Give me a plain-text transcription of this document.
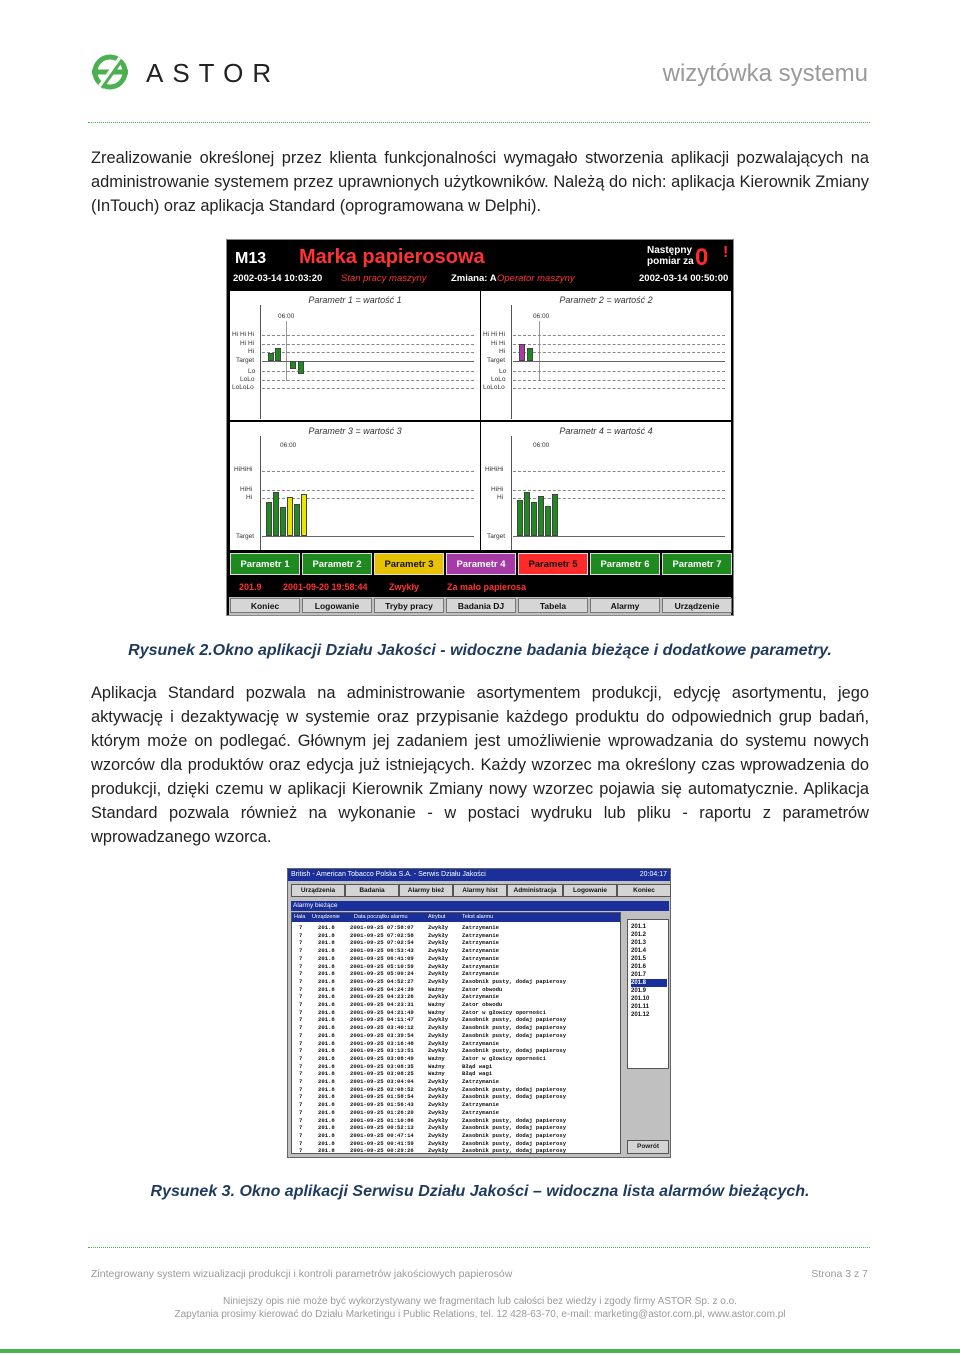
ASTOR	wizytówka systemu
Zrealizowanie określonej przez klienta funkcjonalności wymagało stworzenia aplikacji pozwalających na administrowanie systemem przez uprawnionych użytkowników. Należą do nich: aplikacja Kierownik Zmiany (InTouch) oraz aplikacja Standard (oprogramowana w Delphi).
M13 Marka papierosowa	Następny
pomiar za 0 !
2002-03-14 10:03:20 Stan pracy maszyny	Zmiana: A Operator maszyny	2002-03-14 00:50:00
Parametr 1 = wartość 1
06:00
Hi Hi Hi
Hi Hi
Hi
Target
Lo
LoLo
LoLoLo
Parametr 2 = wartość 2
06:00
Hi Hi Hi
Hi Hi
Hi
Target
Lo
LoLo
LoLoLo
Parametr 3 = wartość 3
06:00
HiHiHi
HiHi
Hi
Target
Parametr 4 = wartość 4
06:00
HiHiHi
HiHi
Hi
Target
Parametr 1	Parametr 2	Parametr 3	Parametr 4	Parametr 5	Parametr 6	Parametr 7
201.9 2001-09-20 19:58:44 Zwykły	Za mało papierosa
Koniec	Logowanie	Tryby pracy	Badania DJ	Tabela	Alarmy	Urządzenie
Rysunek 2.Okno aplikacji Działu Jakości - widoczne badania bieżące i dodatkowe parametry.
Aplikacja Standard pozwala na administrowanie asortymentem produkcji, edycję asortymentu, jego aktywację i dezaktywację w systemie oraz przypisanie każdego produktu do odpowiednich grup badań, którym może on podlegać. Głównym jej zadaniem jest umożliwienie wprowadzania do systemu nowych wzorców dla produktów oraz edycja już istniejących. Każdy wzorzec ma określony czas wprowadzenia do produkcji, dzięki czemu w aplikacji Kierownik Zmiany nowy wzorzec pojawia się automatycznie. Aplikacja Standard pozwala również na wykonanie - w postaci wydruku lub pliku - raportu z parametrów wprowadzanego wzorca.
British - American Tobacco Polska S.A. - Serwis Działu Jakości	20:04:17
Urządzenia	Badania	Alarmy bież	Alarmy hist	Administracja	Logowanie	Koniec
Alarmy bieżące
Hala Urządzenie	Data początku alarmu	Atrybut	Tekst alarmu
7	201.8	2001-09-25 07:58:07	Zwykły Zatrzymanie
7	201.8	2001-09-25 07:02:58	Zwykły Zatrzymanie
7	201.8	2001-09-25 07:02:54	Zwykły Zatrzymanie
7	201.8	2001-09-25 06:53:43	Zwykły Zatrzymanie
7	201.8	2001-09-25 06:41:09	Zwykły Zatrzymanie
7	201.8	2001-09-25 05:10:59	Zwykły Zatrzymanie
7	201.8	2001-09-25 05:00:24	Zwykły Zatrzymanie
7	201.8	2001-09-25 04:52:27	Zwykły Zasobnik pusty, dodaj papierosy
7	201.8	2001-09-25 04:24:39	Ważny	Zator obwodu
7	201.8	2001-09-25 04:23:26	Zwykły Zatrzymanie
7	201.8	2001-09-25 04:23:31	Ważny	Zator obwodu
7	201.8	2001-09-25 04:21:49	Ważny	Zator w głowicy oporności
7	201.8	2001-09-25 04:11:47	Zwykły Zasobnik pusty, dodaj papierosy
7	201.8	2001-09-25 03:40:12	Zwykły Zasobnik pusty, dodaj papierosy
7	201.8	2001-09-25 03:39:54	Zwykły Zasobnik pusty, dodaj papierosy
7	201.8	2001-09-25 03:16:48	Zwykły Zatrzymanie
7	201.8	2001-09-25 03:13:51	Zwykły Zasobnik pusty, dodaj papierosy
7	201.8	2001-09-25 03:08:49	Ważny	Zator w głowicy oporności
7	201.8	2001-09-25 03:08:35	Ważny	Błąd wagi
7	201.8	2001-09-25 03:08:25	Ważny	Błąd wagi
7	201.8	2001-09-25 03:04:04	Zwykły Zatrzymanie
7	201.8	2001-09-25 02:08:52	Zwykły Zasobnik pusty, dodaj papierosy
7	201.8	2001-09-25 01:58:54	Zwykły Zasobnik pusty, dodaj papierosy
7	201.8	2001-09-25 01:56:43	Zwykły Zatrzymanie
7	201.8	2001-09-25 01:26:20	Zwykły Zatrzymanie
7	201.8	2001-09-25 01:10:86	Zwykły Zasobnik pusty, dodaj papierosy
7	201.8	2001-09-25 00:52:13	Zwykły Zasobnik pusty, dodaj papierosy
7	201.8	2001-09-25 00:47:14	Zwykły Zasobnik pusty, dodaj papierosy
7	201.8	2001-09-25 00:41:59	Zwykły Zasobnik pusty, dodaj papierosy
7	201.8	2001-09-25 00:29:26	Zwykły Zasobnik pusty, dodaj papierosy
201.1
201.2
201.3
201.4
201.5
201.6
201.7
201.8
201.9
201.10
201.11
201.12
Powrót
Rysunek 3. Okno aplikacji Serwisu Działu Jakości – widoczna lista alarmów bieżących.
Zintegrowany system wizualizacji produkcji i kontroli parametrów jakościowych papierosów	Strona 3 z 7
Niniejszy opis nie może być wykorzystywany we fragmentach lub całości bez wiedzy i zgody firmy ASTOR Sp. z o.o.
Zapytania prosimy kierować do Działu Marketingu i Public Relations, tel. 12 428-63-70, e-mail: marketing@astor.com.pl, www.astor.com.pl
